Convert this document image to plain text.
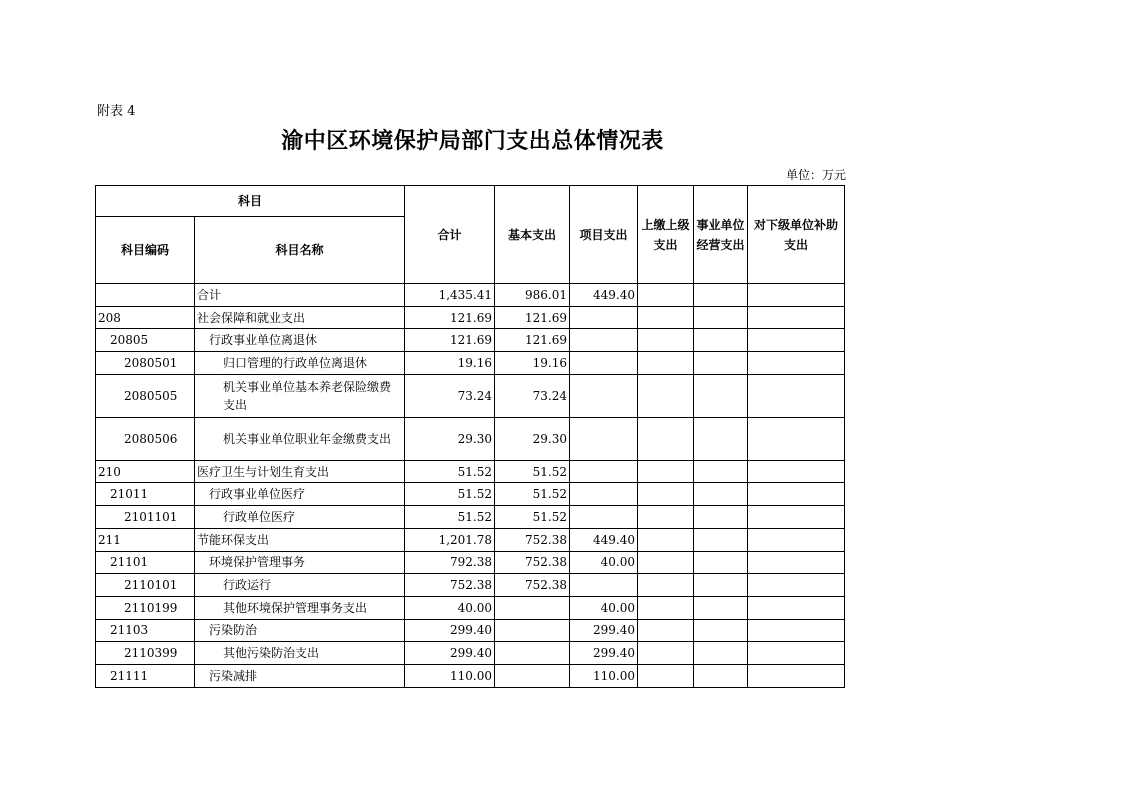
附表 4
渝中区环境保护局部门支出总体情况表
单位：万元
科目		合计	基本支出	项目支出	上缴上级支出	事业单位经营支出	对下级单位补助支出
科目编码	科目名称						
	合计	1,435.41	986.01	449.40			
208	社会保障和就业支出	121.69	121.69				
20805	行政事业单位离退休	121.69	121.69				
2080501	归口管理的行政单位离退休	19.16	19.16				
2080505	机关事业单位基本养老保险缴费支出	73.24	73.24				
2080506	机关事业单位职业年金缴费支出	29.30	29.30				
210	医疗卫生与计划生育支出	51.52	51.52				
21011	行政事业单位医疗	51.52	51.52				
2101101	行政单位医疗	51.52	51.52				
211	节能环保支出	1,201.78	752.38	449.40			
21101	环境保护管理事务	792.38	752.38	40.00			
2110101	行政运行	752.38	752.38				
2110199	其他环境保护管理事务支出	40.00		40.00			
21103	污染防治	299.40		299.40			
2110399	其他污染防治支出	299.40		299.40			
21111	污染减排	110.00		110.00			
